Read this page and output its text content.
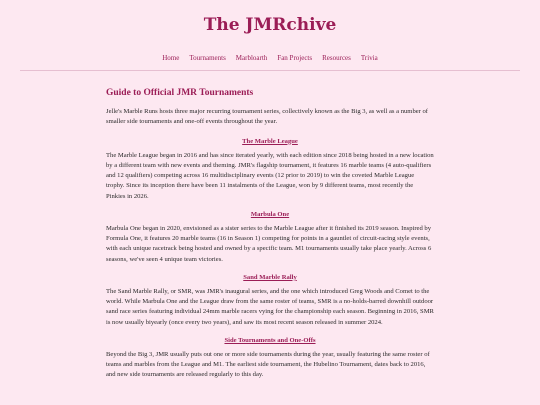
The JMRchive
Home	Tournaments	Marbloarth	Fan Projects	Resources	Trivia
Guide to Official JMR Tournaments

Jelle's Marble Runs hosts three major recurring tournament series, collectively known as the Big 3, as well as a number of smaller side tournaments and one-off events throughout the year.

The Marble League

The Marble League began in 2016 and has since iterated yearly, with each edition since 2018 being hosted in a new location by a different team with new events and theming. JMR's flagship tournament, it features 16 marble teams (4 auto-qualifiers and 12 qualifiers) competing across 16 multidisciplinary events (12 prior to 2019) to win the coveted Marble League trophy. Since its inception there have been 11 instalments of the League, won by 9 different teams, most recently the Pinkies in 2026.

Marbula One

Marbula One began in 2020, envisioned as a sister series to the Marble League after it finished its 2019 season. Inspired by Formula One, it features 20 marble teams (16 in Season 1) competing for points in a gauntlet of circuit-racing style events, with each unique racetrack being hosted and owned by a specific team. M1 tournaments usually take place yearly. Across 6 seasons, we've seen 4 unique team victories.

Sand Marble Rally

The Sand Marble Rally, or SMR, was JMR's inaugural series, and the one which introduced Greg Woods and Comet to the world. While Marbula One and the League draw from the same roster of teams, SMR is a no-holds-barred downhill outdoor sand race series featuring individual 24mm marble racers vying for the championship each season. Beginning in 2016, SMR is now usually biyearly (once every two years), and saw its most recent season released in summer 2024.

Side Tournaments and One-Offs

Beyond the Big 3, JMR usually puts out one or more side tournaments during the year, usually featuring the same roster of teams and marbles from the League and M1. The earliest side tournament, the Hubelino Tournament, dates back to 2016, and new side tournaments are released regularly to this day.
